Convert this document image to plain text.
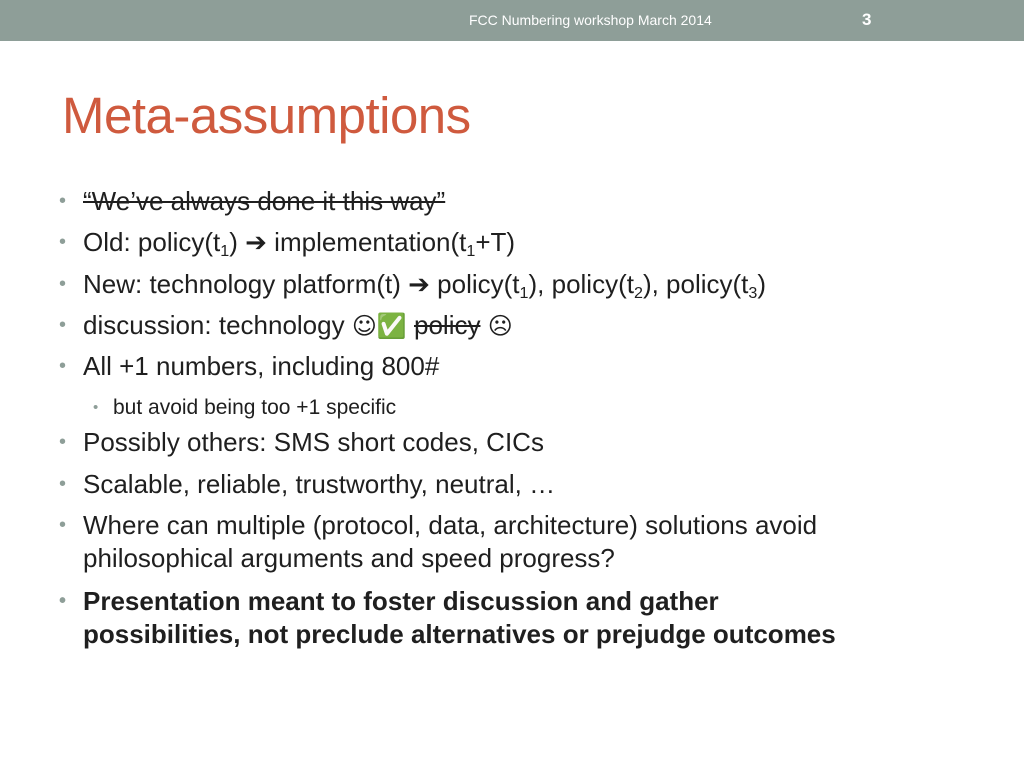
FCC Numbering workshop March 2014	3
Meta-assumptions
• “We’ve always done it this way”
• Old: $policy(t_1)$ ➔ $implementation(t_1+T)$
• New: technology platform(t) ➔ $policy(t_1)$, $policy(t_2)$, $policy(t_3)$
• discussion: technology ☺✅ policy ☹
• All +1 numbers, including 800#
• but avoid being too +1 specific
• Possibly others: SMS short codes, CICs
• Scalable, reliable, trustworthy, neutral, …
• Where can multiple (protocol, data, architecture) solutions avoid philosophical arguments and speed progress?
• Presentation meant to foster discussion and gather possibilities, not preclude alternatives or prejudge outcomes
